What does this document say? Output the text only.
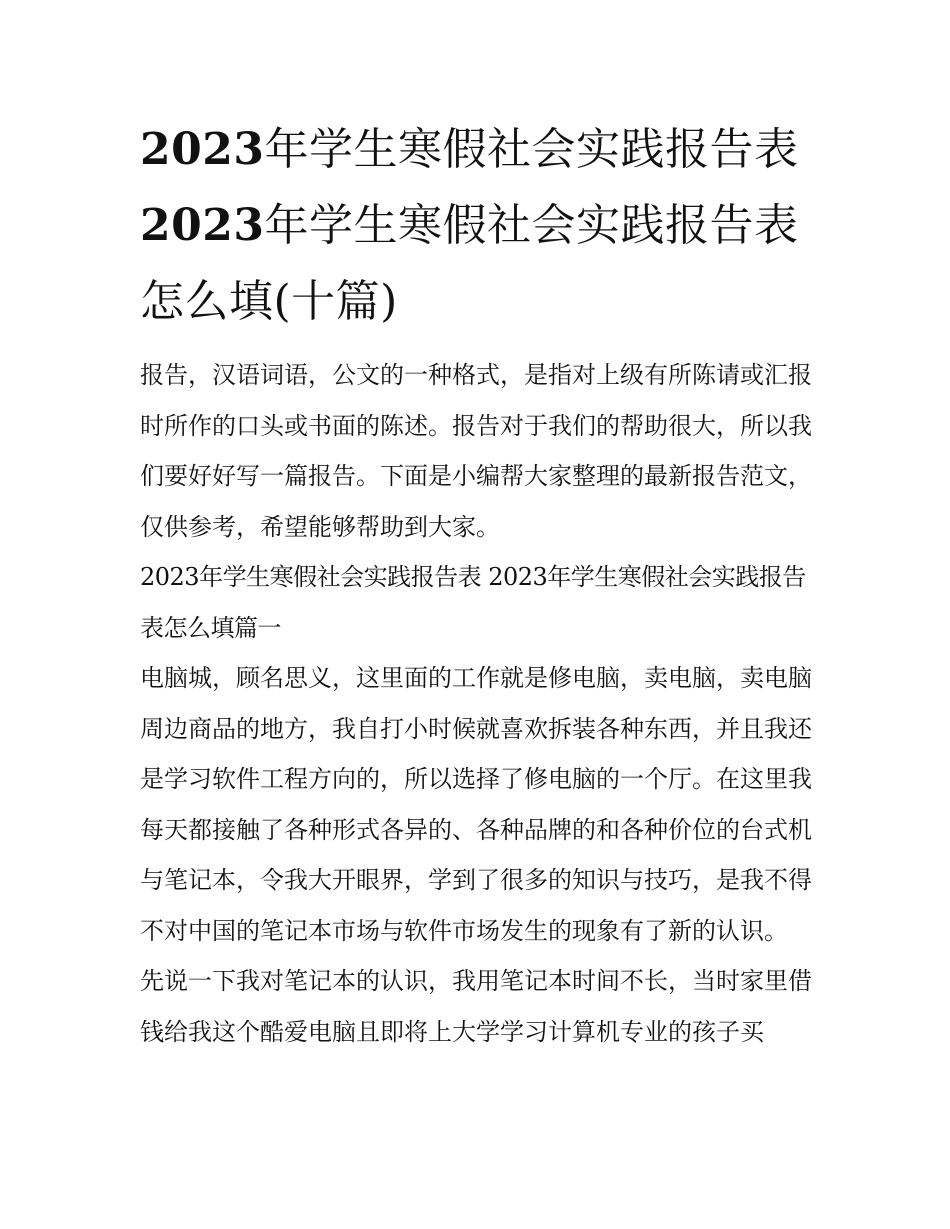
2023年学生寒假社会实践报告表2023年学生寒假社会实践报告表怎么填(十篇)

报告，汉语词语，公文的一种格式，是指对上级有所陈请或汇报时所作的口头或书面的陈述。报告对于我们的帮助很大，所以我们要好好写一篇报告。下面是小编帮大家整理的最新报告范文，仅供参考，希望能够帮助到大家。

2023年学生寒假社会实践报告表 2023年学生寒假社会实践报告表怎么填篇一

电脑城，顾名思义，这里面的工作就是修电脑，卖电脑，卖电脑周边商品的地方，我自打小时候就喜欢拆装各种东西，并且我还是学习软件工程方向的，所以选择了修电脑的一个厅。在这里我每天都接触了各种形式各异的、各种品牌的和各种价位的台式机与笔记本，令我大开眼界，学到了很多的知识与技巧，是我不得不对中国的笔记本市场与软件市场发生的现象有了新的认识。

先说一下我对笔记本的认识，我用笔记本时间不长，当时家里借钱给我这个酷爱电脑且即将上大学学习计算机专业的孩子买
